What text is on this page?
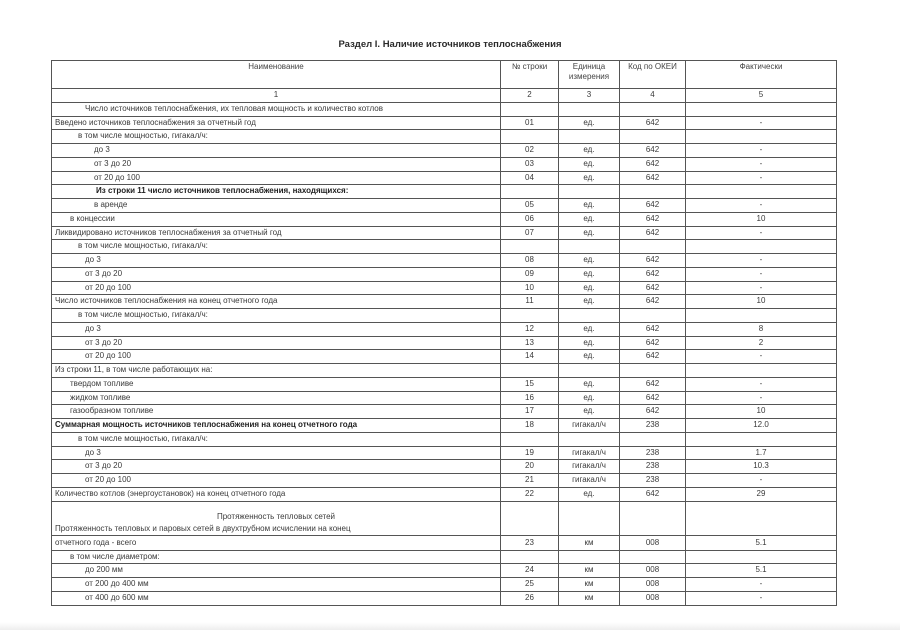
Раздел I. Наличие источников теплоснабжения
Наименование	№ строки	Единица измерения	Код по ОКЕИ	Фактически
1	2	3	4	5
Число источников теплоснабжения, их тепловая мощность и количество котлов				
Введено источников теплоснабжения за отчетный год	01	ед.	642	-
в том числе мощностью, гигакал/ч:				
до 3	02	ед.	642	-
от 3 до 20	03	ед.	642	-
от 20 до 100	04	ед.	642	-
Из строки 11 число источников теплоснабжения, находящихся:				
в аренде	05	ед.	642	-
в концессии	06	ед.	642	10
Ликвидировано источников теплоснабжения за отчетный год	07	ед.	642	-
в том числе мощностью, гигакал/ч:				
до 3	08	ед.	642	-
от 3 до 20	09	ед.	642	-
от 20 до 100	10	ед.	642	-
Число источников теплоснабжения на конец отчетного года	11	ед.	642	10
в том числе мощностью, гигакал/ч:				
до 3	12	ед.	642	8
от 3 до 20	13	ед.	642	2
от 20 до 100	14	ед.	642	-
Из строки 11, в том числе работающих на:				
твердом топливе	15	ед.	642	-
жидком топливе	16	ед.	642	-
газообразном топливе	17	ед.	642	10
Суммарная мощность источников теплоснабжения на конец отчетного года	18	гигакал/ч	238	12.0
в том числе мощностью, гигакал/ч:				
до 3	19	гигакал/ч	238	1.7
от 3 до 20	20	гигакал/ч	238	10.3
от 20 до 100	21	гигакал/ч	238	-
Количество котлов (энергоустановок) на конец отчетного года	22	ед.	642	29

Протяженность тепловых сетей
Протяженность тепловых и паровых сетей в двухтрубном исчислении на конец				

отчетного года - всего	23	км	008	5.1
в том числе диаметром:				
до 200 мм	24	км	008	5.1
от 200 до 400 мм	25	км	008	-
от 400 до 600 мм	26	км	008	-
